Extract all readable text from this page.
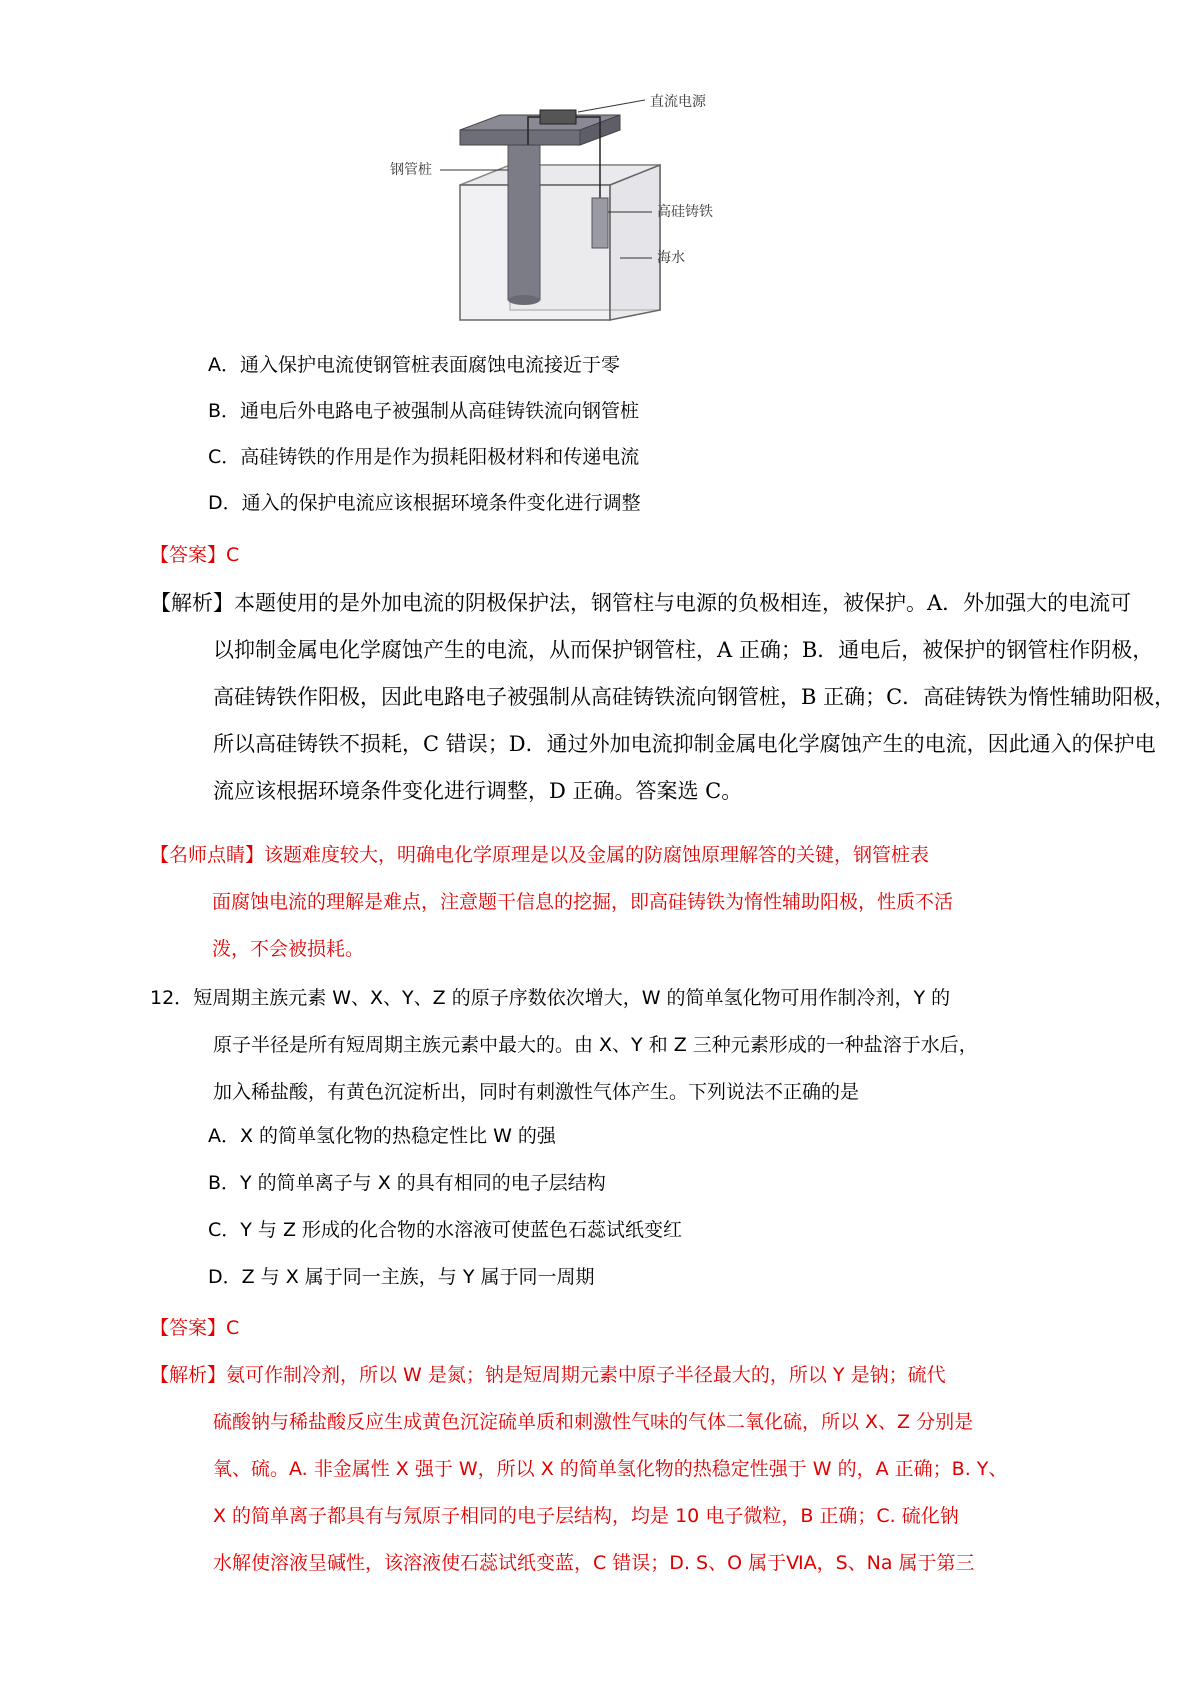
直流电源
钢管桩
高硅铸铁
海水
A．通入保护电流使钢管桩表面腐蚀电流接近于零
B．通电后外电路电子被强制从高硅铸铁流向钢管桩
C．高硅铸铁的作用是作为损耗阳极材料和传递电流
D．通入的保护电流应该根据环境条件变化进行调整
【答案】C
【解析】本题使用的是外加电流的阴极保护法，钢管柱与电源的负极相连，被保护。A．外加强大的电流可
以抑制金属电化学腐蚀产生的电流，从而保护钢管柱，A 正确；B．通电后，被保护的钢管柱作阴极，
高硅铸铁作阳极，因此电路电子被强制从高硅铸铁流向钢管桩，B 正确；C．高硅铸铁为惰性辅助阳极，
所以高硅铸铁不损耗，C 错误；D．通过外加电流抑制金属电化学腐蚀产生的电流，因此通入的保护电
流应该根据环境条件变化进行调整，D 正确。答案选 C。
【名师点睛】该题难度较大，明确电化学原理是以及金属的防腐蚀原理解答的关键，钢管桩表
面腐蚀电流的理解是难点，注意题干信息的挖掘，即高硅铸铁为惰性辅助阳极，性质不活
泼，不会被损耗。
12．短周期主族元素 W、X、Y、Z 的原子序数依次增大，W 的简单氢化物可用作制冷剂，Y 的
原子半径是所有短周期主族元素中最大的。由 X、Y 和 Z 三种元素形成的一种盐溶于水后，
加入稀盐酸，有黄色沉淀析出，同时有刺激性气体产生。下列说法不正确的是
A．X 的简单氢化物的热稳定性比 W 的强
B．Y 的简单离子与 X 的具有相同的电子层结构
C．Y 与 Z 形成的化合物的水溶液可使蓝色石蕊试纸变红
D．Z 与 X 属于同一主族，与 Y 属于同一周期
【答案】C
【解析】氨可作制冷剂，所以 W 是氮；钠是短周期元素中原子半径最大的，所以 Y 是钠；硫代
硫酸钠与稀盐酸反应生成黄色沉淀硫单质和刺激性气味的气体二氧化硫，所以 X、Z 分别是
氧、硫。A. 非金属性 X 强于 W，所以 X 的简单氢化物的热稳定性强于 W 的，A 正确；B. Y、
X 的简单离子都具有与氖原子相同的电子层结构，均是 10 电子微粒，B 正确；C. 硫化钠
水解使溶液呈碱性，该溶液使石蕊试纸变蓝，C 错误；D. S、O 属于ⅥA，S、Na 属于第三
